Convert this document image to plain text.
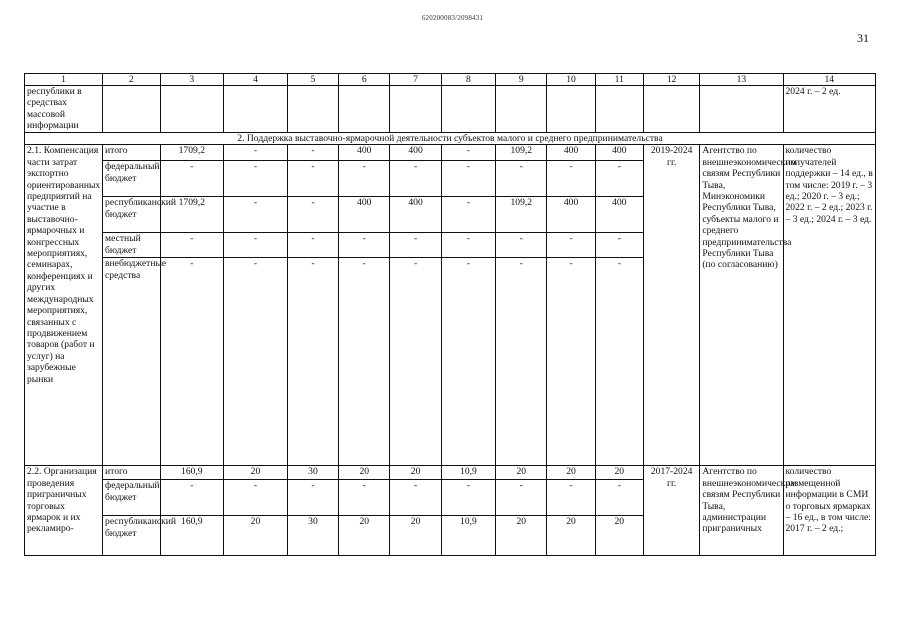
620200083/2098431
31
1	2	3	4	5	6	7	8	9	10	11	12	13	14
республики в средствах массовой информации													2024 г. – 2 ед.
2. Поддержка выставочно-ярмарочной деятельности субъектов малого и среднего предпринимательства													
2.1. Компенсация части затрат экспортно ориентированных предприятий на участие в выставочно-ярмарочных и конгрессных мероприятиях, семинарах, конференциях и других международных мероприятиях, связанных с продвижением товаров (работ и услуг) на зарубежные рынки	итого	1709,2	-	-	400	400	-	109,2	400	400	2019-2024 гг.	Агентство по внешнеэкономическим связям Республики Тыва, Минэкономики Республики Тыва, субъекты малого и среднего предпринимательства Республики Тыва (по согласованию)	количество получателей поддержки – 14 ед., в том числе: 2019 г. – 3 ед.; 2020 г. – 3 ед.; 2022 г. – 2 ед.; 2023 г. – 3 ед.; 2024 г. – 3 ед.
	федеральный бюджет	-	-	-	-	-	-	-	-	-			
	республиканский бюджет	1709,2	-	-	400	400	-	109,2	400	400			
	местный бюджет	-	-	-	-	-	-	-	-	-			
	внебюджетные средства	-	-	-	-	-	-	-	-	-			
2.2. Организация проведения приграничных торговых ярмарок и их рекламиро-	итого	160,9	20	30	20	20	10,9	20	20	20	2017-2024 гг.	Агентство по внешнеэкономическим связям Республики Тыва, администрации приграничных	количество размещенной информации в СМИ о торговых ярмарках – 16 ед., в том числе: 2017 г. – 2 ед.;
	федеральный бюджет	-	-	-	-	-	-	-	-	-			
	республиканский бюджет	160,9	20	30	20	20	10,9	20	20	20			
